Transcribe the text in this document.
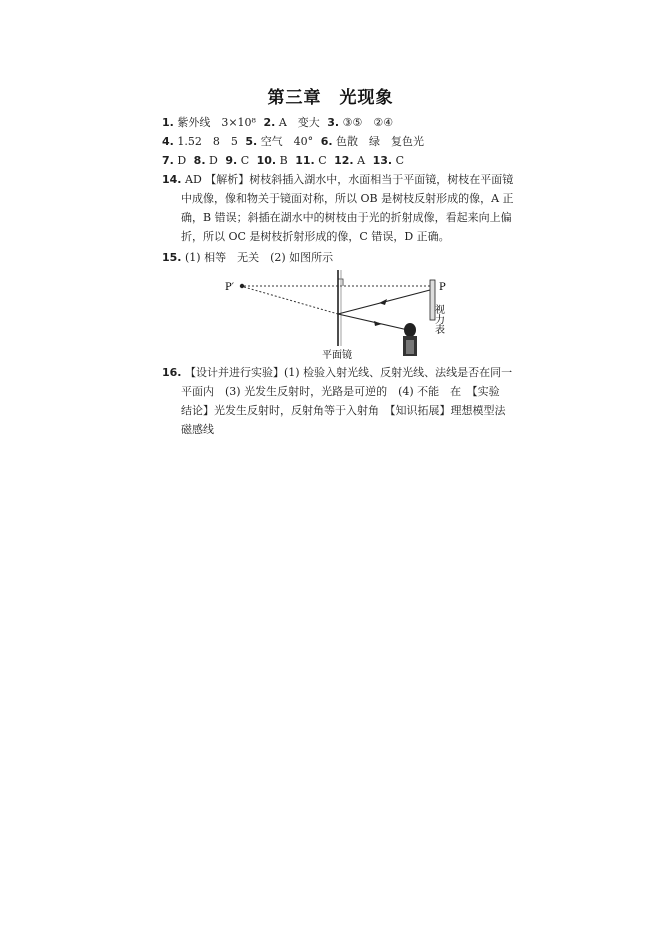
第三章　光现象
1. 紫外线　3×10⁸ 2. A　变大 3. ③⑤　②④
4. 1.52　8　5 5. 空气　40° 6. 色散　绿　复色光
7. D 8. D 9. C 10. B 11. C 12. A 13. C
14. AD 【解析】树枝斜插入湖水中，水面相当于平面镜，树枝在平面镜
中成像，像和物关于镜面对称，所以 OB 是树枝反射形成的像，A 正
确，B 错误；斜插在湖水中的树枝由于光的折射成像，看起来向上偏
折，所以 OC 是树枝折射形成的像，C 错误，D 正确。
15. (1) 相等　无关　(2) 如图所示
P′	P
视力表
平面镜
16. 【设计并进行实验】(1) 检验入射光线、反射光线、法线是否在同一
平面内　(3) 光发生反射时，光路是可逆的　(4) 不能　在　【实验
结论】光发生反射时，反射角等于入射角　【知识拓展】理想模型法
磁感线
